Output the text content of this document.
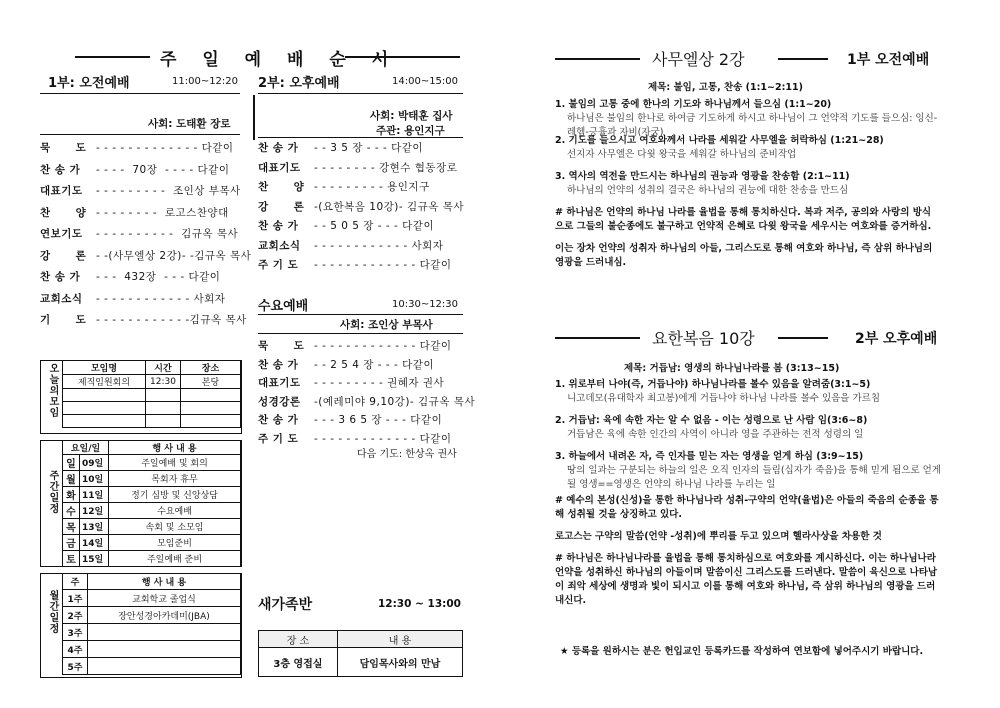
주 일 예 배 순 서
1부: 오전예배	11:00~12:20
사회: 도태환 장로
묵      도 - - - - - - - - - - - - - 다같이
찬 송 가 - - - -  70장  - - - - 다같이
대표기도 - - - - - - - - -  조인상 부목사
찬      양 - - - - - - - -  로고스찬양대
연보기도 - - - - - - - - - -  김규옥 목사
강      론 - -(사무엘상 2강)- -김규옥 목사
찬 송 가 - - -  432장  - - - 다같이
교회소식 - - - - - - - - - - - - 사회자
기      도 - - - - - - - - - - - -김규옥 목사
2부: 오후예배	14:00~15:00
사회: 박태훈 집사
주관: 용인지구
찬 송 가 - - 3 5 장 - - - 다같이
대표기도 - - - - - - - - 강현수 협동장로
찬      양 - - - - - - - - - 용인지구
강      론 -(요한복음 10강)- 김규옥 목사
찬 송 가 - - 5 0 5 장 - - - 다같이
교회소식 - - - - - - - - - - - - 사회자
주 기 도 - - - - - - - - - - - - - 다같이
수요예배	10:30~12:30
사회: 조인상 부목사
묵      도 - - - - - - - - - - - - - 다같이
찬 송 가 - - 2 5 4 장 - - - 다같이
대표기도 - - - - - - - - - 권혜자 권사
성경강론 -(예레미야 9,10강)- 김규옥 목사
찬 송 가 - - - 3 6 5 장 - - - 다같이
주 기 도 - - - - - - - - - - - - - 다같이
다음 기도: 한상옥 권사
새가족반	12:30 ~ 13:00
장 소	내 용
3층 영접실	담임목사와의 만남
오늘의모임	모임명	시간	장소
제직임원회의	12:30	본당

주간일정
요일/일		행 사 내 용
일	09일	주일예배 및 회의
월	10일	목회자 휴무
화	11일	정기 심방 및 신앙상담
수	12일	수요예배
목	13일	속회 및 소모임
금	14일	모임준비
토	15일	주일예배 준비
월간일정
주	행 사 내 용
1주	교회학교 졸업식
2주	장안성경아카데미(JBA)
3주	
4주	
5주	
사무엘상 2강	1부 오전예배
제목: 불임, 고통, 찬송 (1:1~2:11)
1. 불임의 고통 중에 한나의 기도와 하나님께서 들으심 (1:1~20)
하나님은 불임의 한나로 하여금 기도하게 하시고 하나님이 그 언약적 기도를 들으심: 잉신-레헴-긍휼과 자비(자궁)
2. 기도를 들으시고 여호와께서 나라를 세워갈 사무엘을 허락하심 (1:21~28)
선지자 사무엘은 다윗 왕국을 세워갈 하나님의 준비작업
3. 역사의 역전을 만드시는 하나님의 권능과 영광을 찬송함 (2:1~11)
하나님의 언약의 성취의 결국은 하나님의 권능에 대한 찬송을 만드심
# 하나님은 언약의 하나님 나라를 율법을 통해 통치하신다. 복과 저주, 공의와 사랑의 방식으로 그들의 불순종에도 불구하고 언약적 은혜로 다윗 왕국을 세우시는 여호와를 증거하심.
이는 장차 언약의 성취자 하나님의 아들, 그리스도로 통해 여호와 하나님, 즉 삼위 하나님의 영광을 드러내심.
요한복음 10강	2부 오후예배
제목: 거듭남: 영생의 하나님나라를 봄 (3:13~15)
1. 위로부터 나야(즉, 거듭나야) 하나님나라를 볼수 있음을 알려줌(3:1~5)
니고데모(유대학자 최고봉)에게 거듭나야 하나님 나라를 볼수 있음을 가르침
2. 거듭남: 육에 속한 자는 알 수 없음 - 이는 성령으로 난 사람 임(3:6~8)
거듭남은 육에 속한 인간의 사역이 아니라 영을 주관하는 전적 성령의 일
3. 하늘에서 내려온 자, 즉 인자를 믿는 자는 영생을 얻게 하심 (3:9~15)
땅의 일과는 구분되는 하늘의 일은 오직 인자의 들림(십자가 죽음)을 통해 믿게 됨으로 얻게 될 영생==영생은 언약의 하나님 나라를 누리는 일
# 예수의 본성(신성)을 통한 하나님나라 성취-구약의 언약(율법)은 아들의 죽음의 순종을 통해 성취될 것을 상징하고 있다.
로고스는 구약의 말씀(언약 -성취)에 뿌리를 두고 있으며 헬라사상을 차용한 것
# 하나님은 하나님나라를 율법을 통해 통치하심으로 여호와를 계시하신다. 이는 하나님나라 언약을 성취하신 하나님의 아들이며 말씀이신 그리스도를 드러낸다. 말씀이 육신으로 나타남이 죄악 세상에 생명과 빛이 되시고 이를 통해 여호와 하나님, 즉 삼위 하나님의 영광을 드러내신다.
★ 등록을 원하시는 분은 헌입교인 등록카드를 작성하여 연보함에 넣어주시기 바랍니다.
